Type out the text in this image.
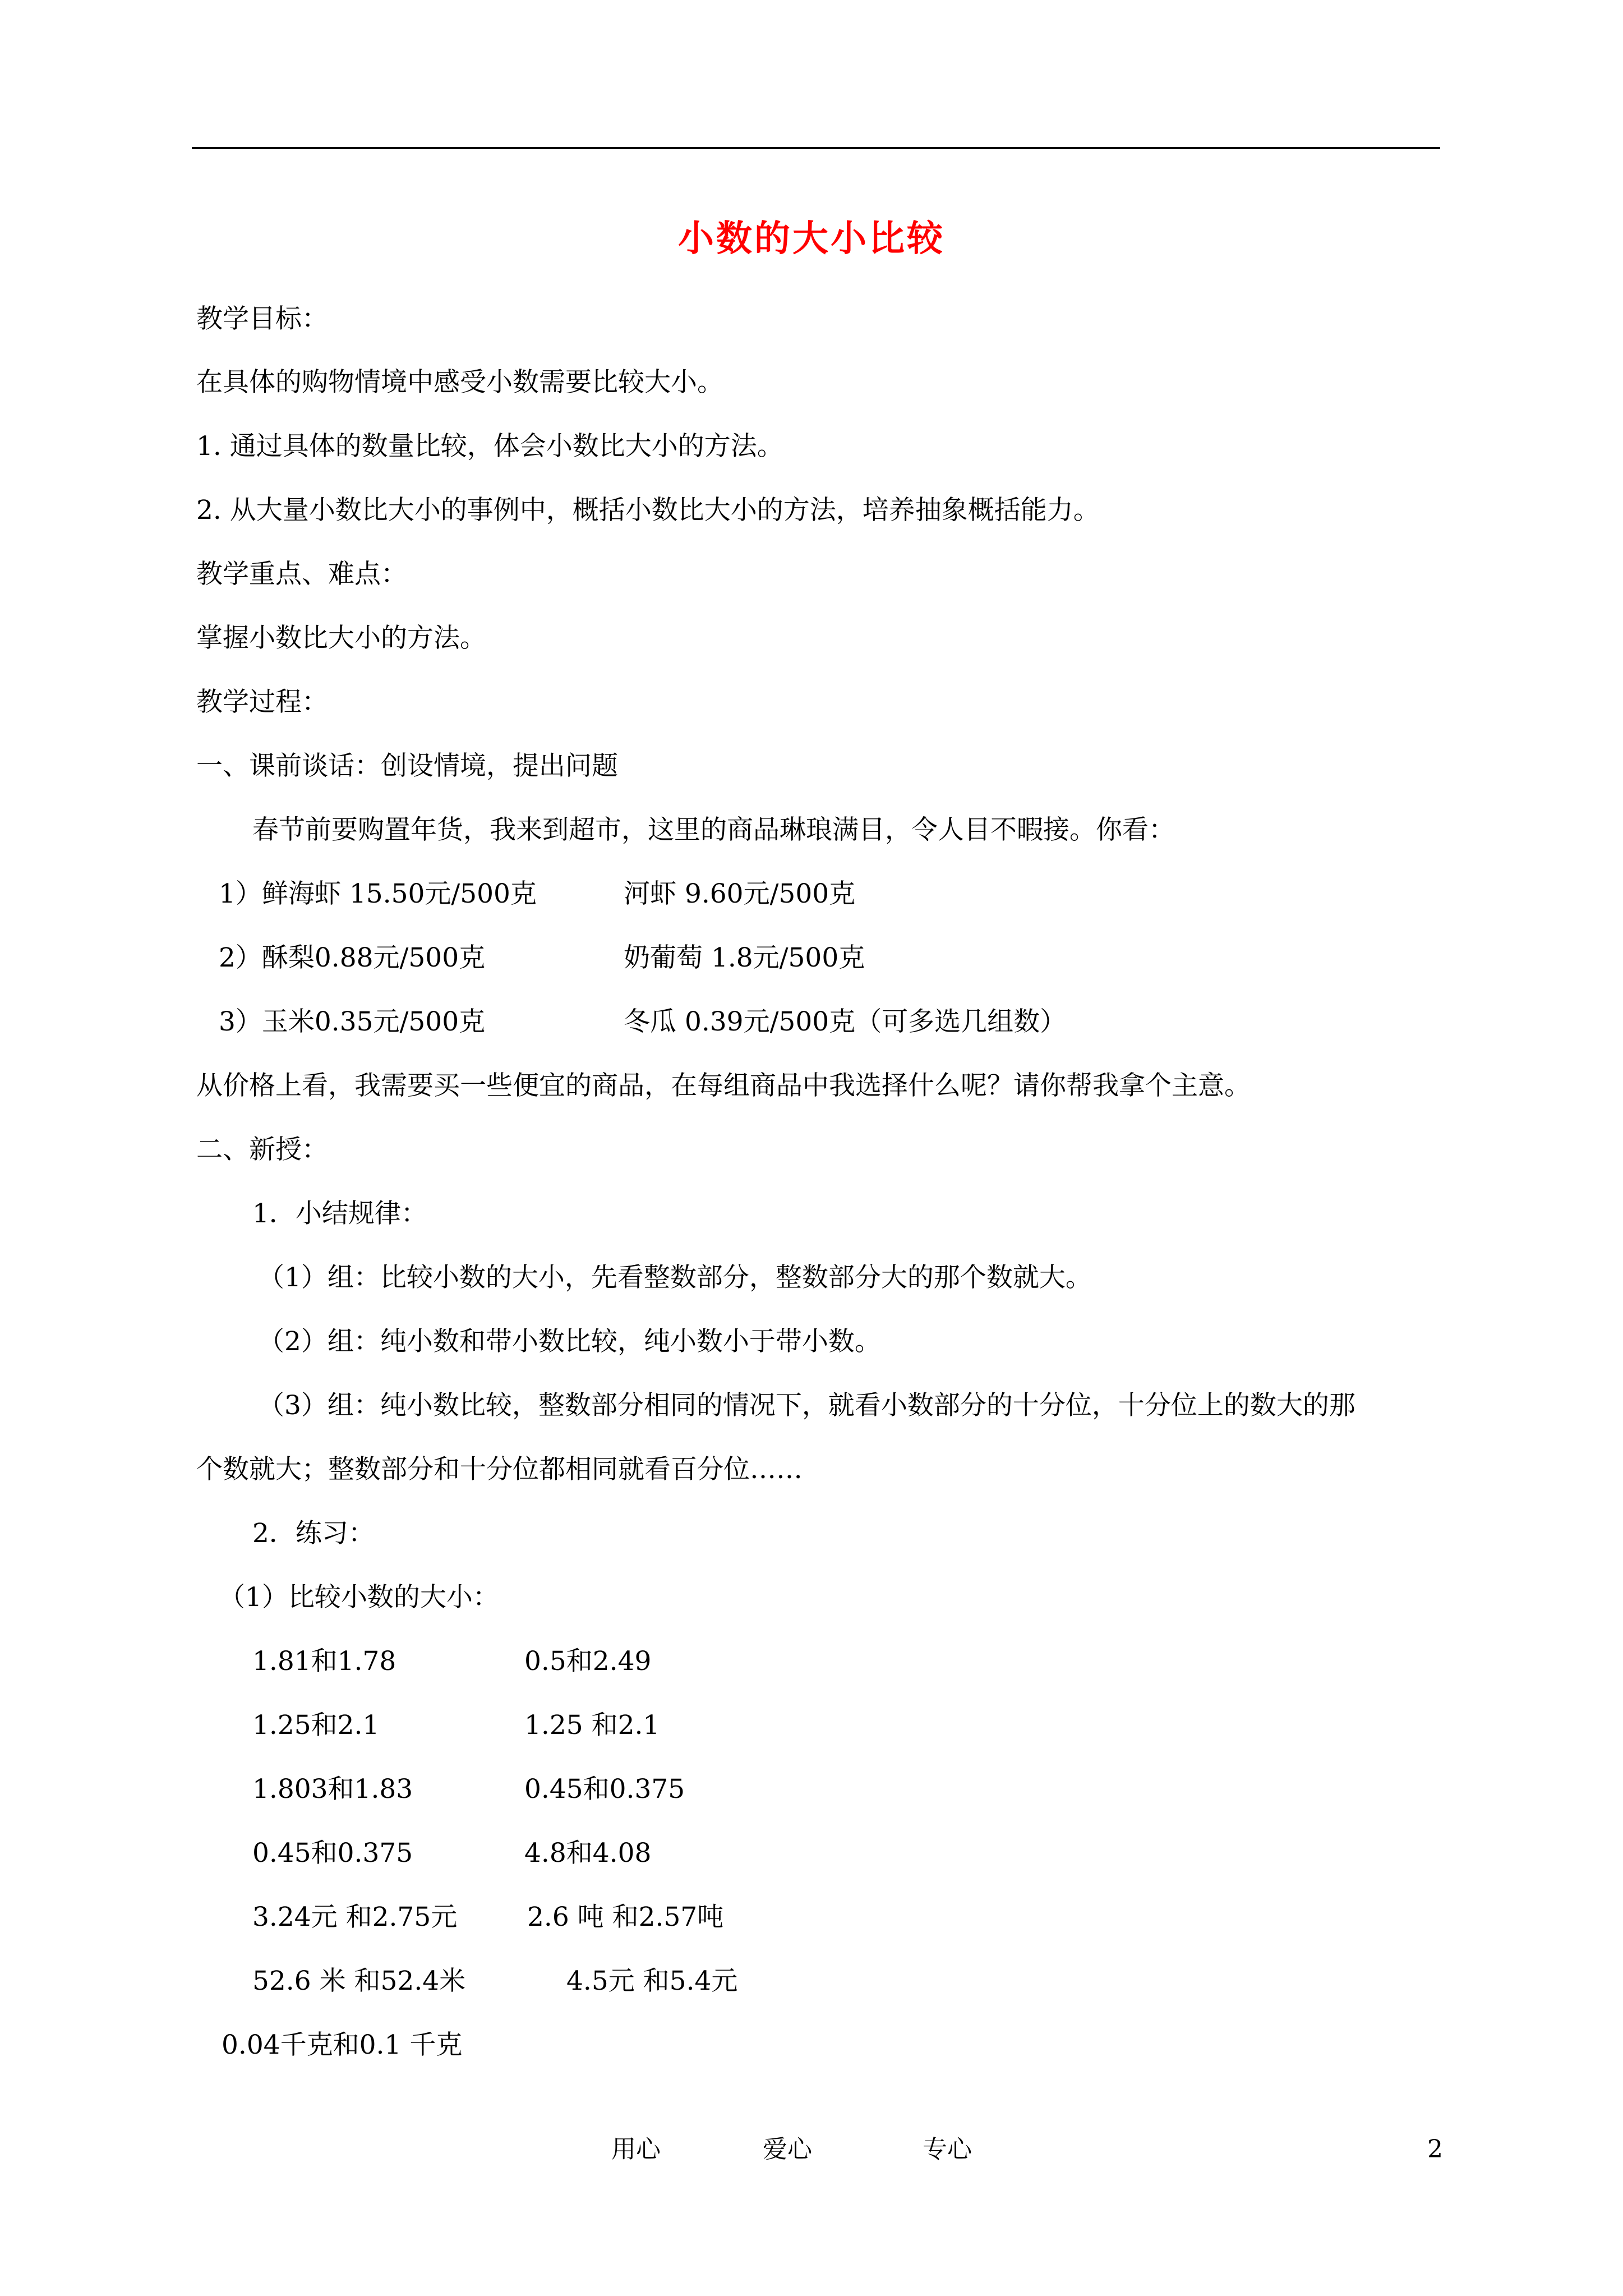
小数的大小比较
教学目标：
在具体的购物情境中感受小数需要比较大小。
1. 通过具体的数量比较，体会小数比大小的方法。
2. 从大量小数比大小的事例中，概括小数比大小的方法，培养抽象概括能力。
教学重点、难点：
掌握小数比大小的方法。
教学过程：
一、课前谈话：创设情境，提出问题
春节前要购置年货，我来到超市，这里的商品琳琅满目，令人目不暇接。你看：
1）鲜海虾 15.50元/500克	河虾 9.60元/500克
2）酥梨0.88元/500克	奶葡萄 1.8元/500克
3）玉米0.35元/500克	冬瓜 0.39元/500克（可多选几组数）
从价格上看，我需要买一些便宜的商品，在每组商品中我选择什么呢？请你帮我拿个主意。
二、新授：
1．小结规律：
（1）组：比较小数的大小，先看整数部分，整数部分大的那个数就大。
（2）组：纯小数和带小数比较，纯小数小于带小数。
（3）组：纯小数比较，整数部分相同的情况下，就看小数部分的十分位，十分位上的数大的那
个数就大；整数部分和十分位都相同就看百分位……
2．练习：
（1）比较小数的大小：
1.81和1.78	0.5和2.49
1.25和2.1	1.25 和2.1
1.803和1.83	0.45和0.375
0.45和0.375	4.8和4.08
3.24元 和2.75元	2.6 吨 和2.57吨
52.6 米 和52.4米	4.5元 和5.4元
0.04千克和0.1 千克
用心	爱心	专心	2
